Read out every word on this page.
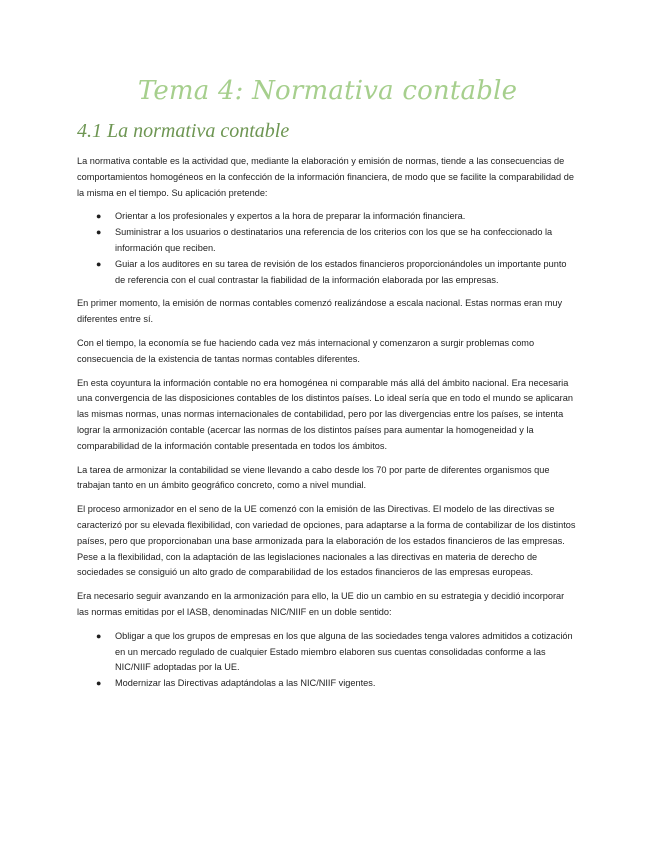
Tema 4: Normativa contable
4.1 La normativa contable

La normativa contable es la actividad que, mediante la elaboración y emisión de normas, tiende a las consecuencias de comportamientos homogéneos en la confección de la información financiera, de modo que se facilite la comparabilidad de la misma en el tiempo. Su aplicación pretende:

● Orientar a los profesionales y expertos a la hora de preparar la información financiera.
● Suministrar a los usuarios o destinatarios una referencia de los criterios con los que se ha confeccionado la información que reciben.
● Guiar a los auditores en su tarea de revisión de los estados financieros proporcionándoles un importante punto de referencia con el cual contrastar la fiabilidad de la información elaborada por las empresas.

En primer momento, la emisión de normas contables comenzó realizándose a escala nacional. Estas normas eran muy diferentes entre sí.

Con el tiempo, la economía se fue haciendo cada vez más internacional y comenzaron a surgir problemas como consecuencia de la existencia de tantas normas contables diferentes.

En esta coyuntura la información contable no era homogénea ni comparable más allá del ámbito nacional. Era necesaria una convergencia de las disposiciones contables de los distintos países. Lo ideal sería que en todo el mundo se aplicaran las mismas normas, unas normas internacionales de contabilidad, pero por las divergencias entre los países, se intenta lograr la armonización contable (acercar las normas de los distintos países para aumentar la homogeneidad y la comparabilidad de la información contable presentada en todos los ámbitos.

La tarea de armonizar la contabilidad se viene llevando a cabo desde los 70 por parte de diferentes organismos que trabajan tanto en un ámbito geográfico concreto, como a nivel mundial.

El proceso armonizador en el seno de la UE comenzó con la emisión de las Directivas. El modelo de las directivas se caracterizó por su elevada flexibilidad, con variedad de opciones, para adaptarse a la forma de contabilizar de los distintos países, pero que proporcionaban una base armonizada para la elaboración de los estados financieros de las empresas. Pese a la flexibilidad, con la adaptación de las legislaciones nacionales a las directivas en materia de derecho de sociedades se consiguió un alto grado de comparabilidad de los estados financieros de las empresas europeas.

Era necesario seguir avanzando en la armonización para ello, la UE dio un cambio en su estrategia y decidió incorporar las normas emitidas por el IASB, denominadas NIC/NIIF en un doble sentido:

● Obligar a que los grupos de empresas en los que alguna de las sociedades tenga valores admitidos a cotización en un mercado regulado de cualquier Estado miembro elaboren sus cuentas consolidadas conforme a las NIC/NIIF adoptadas por la UE.
● Modernizar las Directivas adaptándolas a las NIC/NIIF vigentes.
